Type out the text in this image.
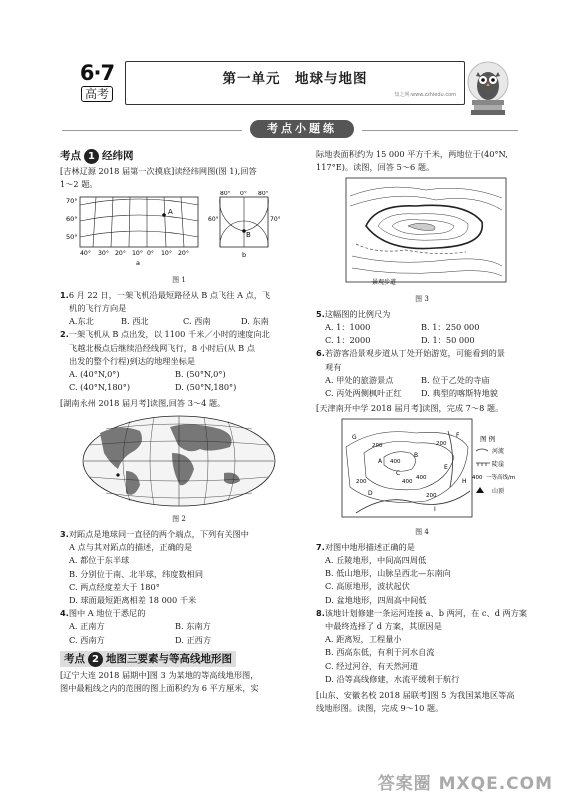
6·7
高考
第一单元　地球与地图
知之网:www.zzhiedu.com
考点小题练
考点 1 经纬网

[吉林辽源 2018 届第一次摸底]读经纬网图(图 1),回答

1～2 题。

A
70°
60°
50°
40° 30° 20° 10° 0° 10° 20°
a
B
80° 0° 80°
60°	70°
b
图 1

1.6 月 22 日，一架飞机沿最短路径从 B 点飞往 A 点，飞

机的飞行方向是

A.东北	B. 西北	C. 西南	D. 东南

2.一架飞机从 B 点出发，以 1100 千米／小时的速度向北

飞越北极点后继续沿经线网飞行，8 小时后(从 B 点

出发的整个行程)到达的地理坐标是

A. (40°N,0°)	B. (50°N,0°)

C. (40°N,180°)	D. (50°N,180°)

[湖南永州 2018 届月考]读图,回答 3～4 题。

图 2

3.对跖点是地球同一直径的两个端点，下列有关图中

A 点与其对跖点的描述，正确的是

A. 都位于东半球

B. 分别位于南、北半球，纬度数相同

C. 两点经度差大于 180°

D. 球面最短距离相差 18 000 千米

4.图中 A 地位于悉尼的

A. 正南方	B. 东南方

C. 西南方	D. 正西方

考点 2 地图三要素与等高线地形图

[辽宁大连 2018 届期中]图 3 为某地的等高线地形图，

图中最粗线之内的范围的图上面积约为 6 平方厘米，实

际地表面积约为 15 000 平方千米，两地位于(40°N,

117°E)。读图，回答 5～6 题。

景观步道
图 3

5.这幅图的比例尺为

A. 1：1000	B. 1：250 000

C. 1：2000	D. 1：50 000

6.若游客沿景观步道从丁处开始游览，可能看到的景

观有

A. 甲处的旅游景点	B. 位于乙处的寺庙

C. 丙处两侧枫叶正红 D. 典型的喀斯特地貌

[天津南开中学 2018 届月考]读图，完成 7～8 题。

400
200	200
400
200
200
400
A
B
C
D
E
F
G
H
I
图 例
河流
陡崖
400 一等高线/m
山顶
图 4

7.对图中地形描述正确的是

A. 丘陵地形，中间高四周低

B. 低山地形，山脉呈西北—东南向

C. 高原地形，波状起伏

D. 盆地地形，四周高中间低

8.该地计划修建一条运河连接 a、b 两河，在 c、d 两方案

中最终选择了 d 方案，其原因是

A. 距离短，工程量小

B. 西高东低，有利于河水自流

C. 经过河谷，有天然河道

D. 沿等高线修建，水流平缓利于航行

[山东、安徽名校 2018 届联考]图 5 为我国某地区等高

线地形图。读图，完成 9～10 题。

答案圈 MXQE.COM
